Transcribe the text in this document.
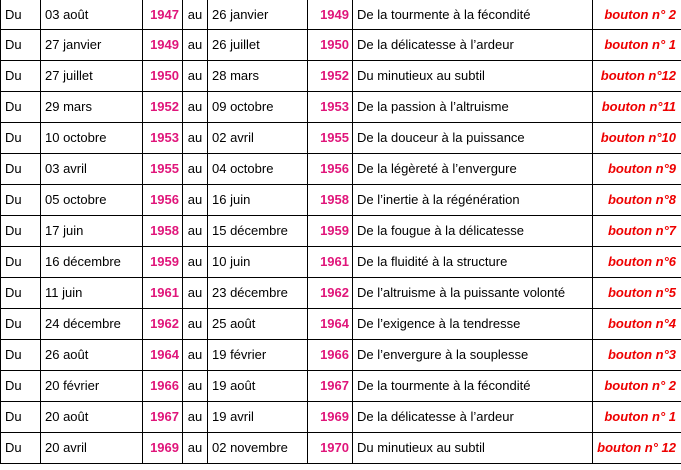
Du	03 août	1947	au	26 janvier	1949	De la tourmente à la fécondité	bouton n° 2
Du	27 janvier	1949	au	26 juillet	1950	De la délicatesse à l’ardeur	bouton n° 1
Du	27 juillet	1950	au	28 mars	1952	Du minutieux au subtil	bouton n°12
Du	29 mars	1952	au	09 octobre	1953	De la passion à l’altruisme	bouton n°11
Du	10 octobre	1953	au	02 avril	1955	De la douceur à la puissance	bouton n°10
Du	03 avril	1955	au	04 octobre	1956	De la légèreté à l’envergure	bouton n°9
Du	05 octobre	1956	au	16 juin	1958	De l’inertie à la régénération	bouton n°8
Du	17 juin	1958	au	15 décembre	1959	De la fougue à la délicatesse	bouton n°7
Du	16 décembre	1959	au	10 juin	1961	De la fluidité à la structure	bouton n°6
Du	11 juin	1961	au	23 décembre	1962	De l’altruisme à la puissante volonté	bouton n°5
Du	24 décembre	1962	au	25 août	1964	De l’exigence à la tendresse	bouton n°4
Du	26 août	1964	au	19 février	1966	De l’envergure à la souplesse	bouton n°3
Du	20 février	1966	au	19 août	1967	De la tourmente à la fécondité	bouton n° 2
Du	20 août	1967	au	19 avril	1969	De la délicatesse à l’ardeur	bouton n° 1
Du	20 avril	1969	au	02 novembre	1970	Du minutieux au subtil	bouton n° 12
